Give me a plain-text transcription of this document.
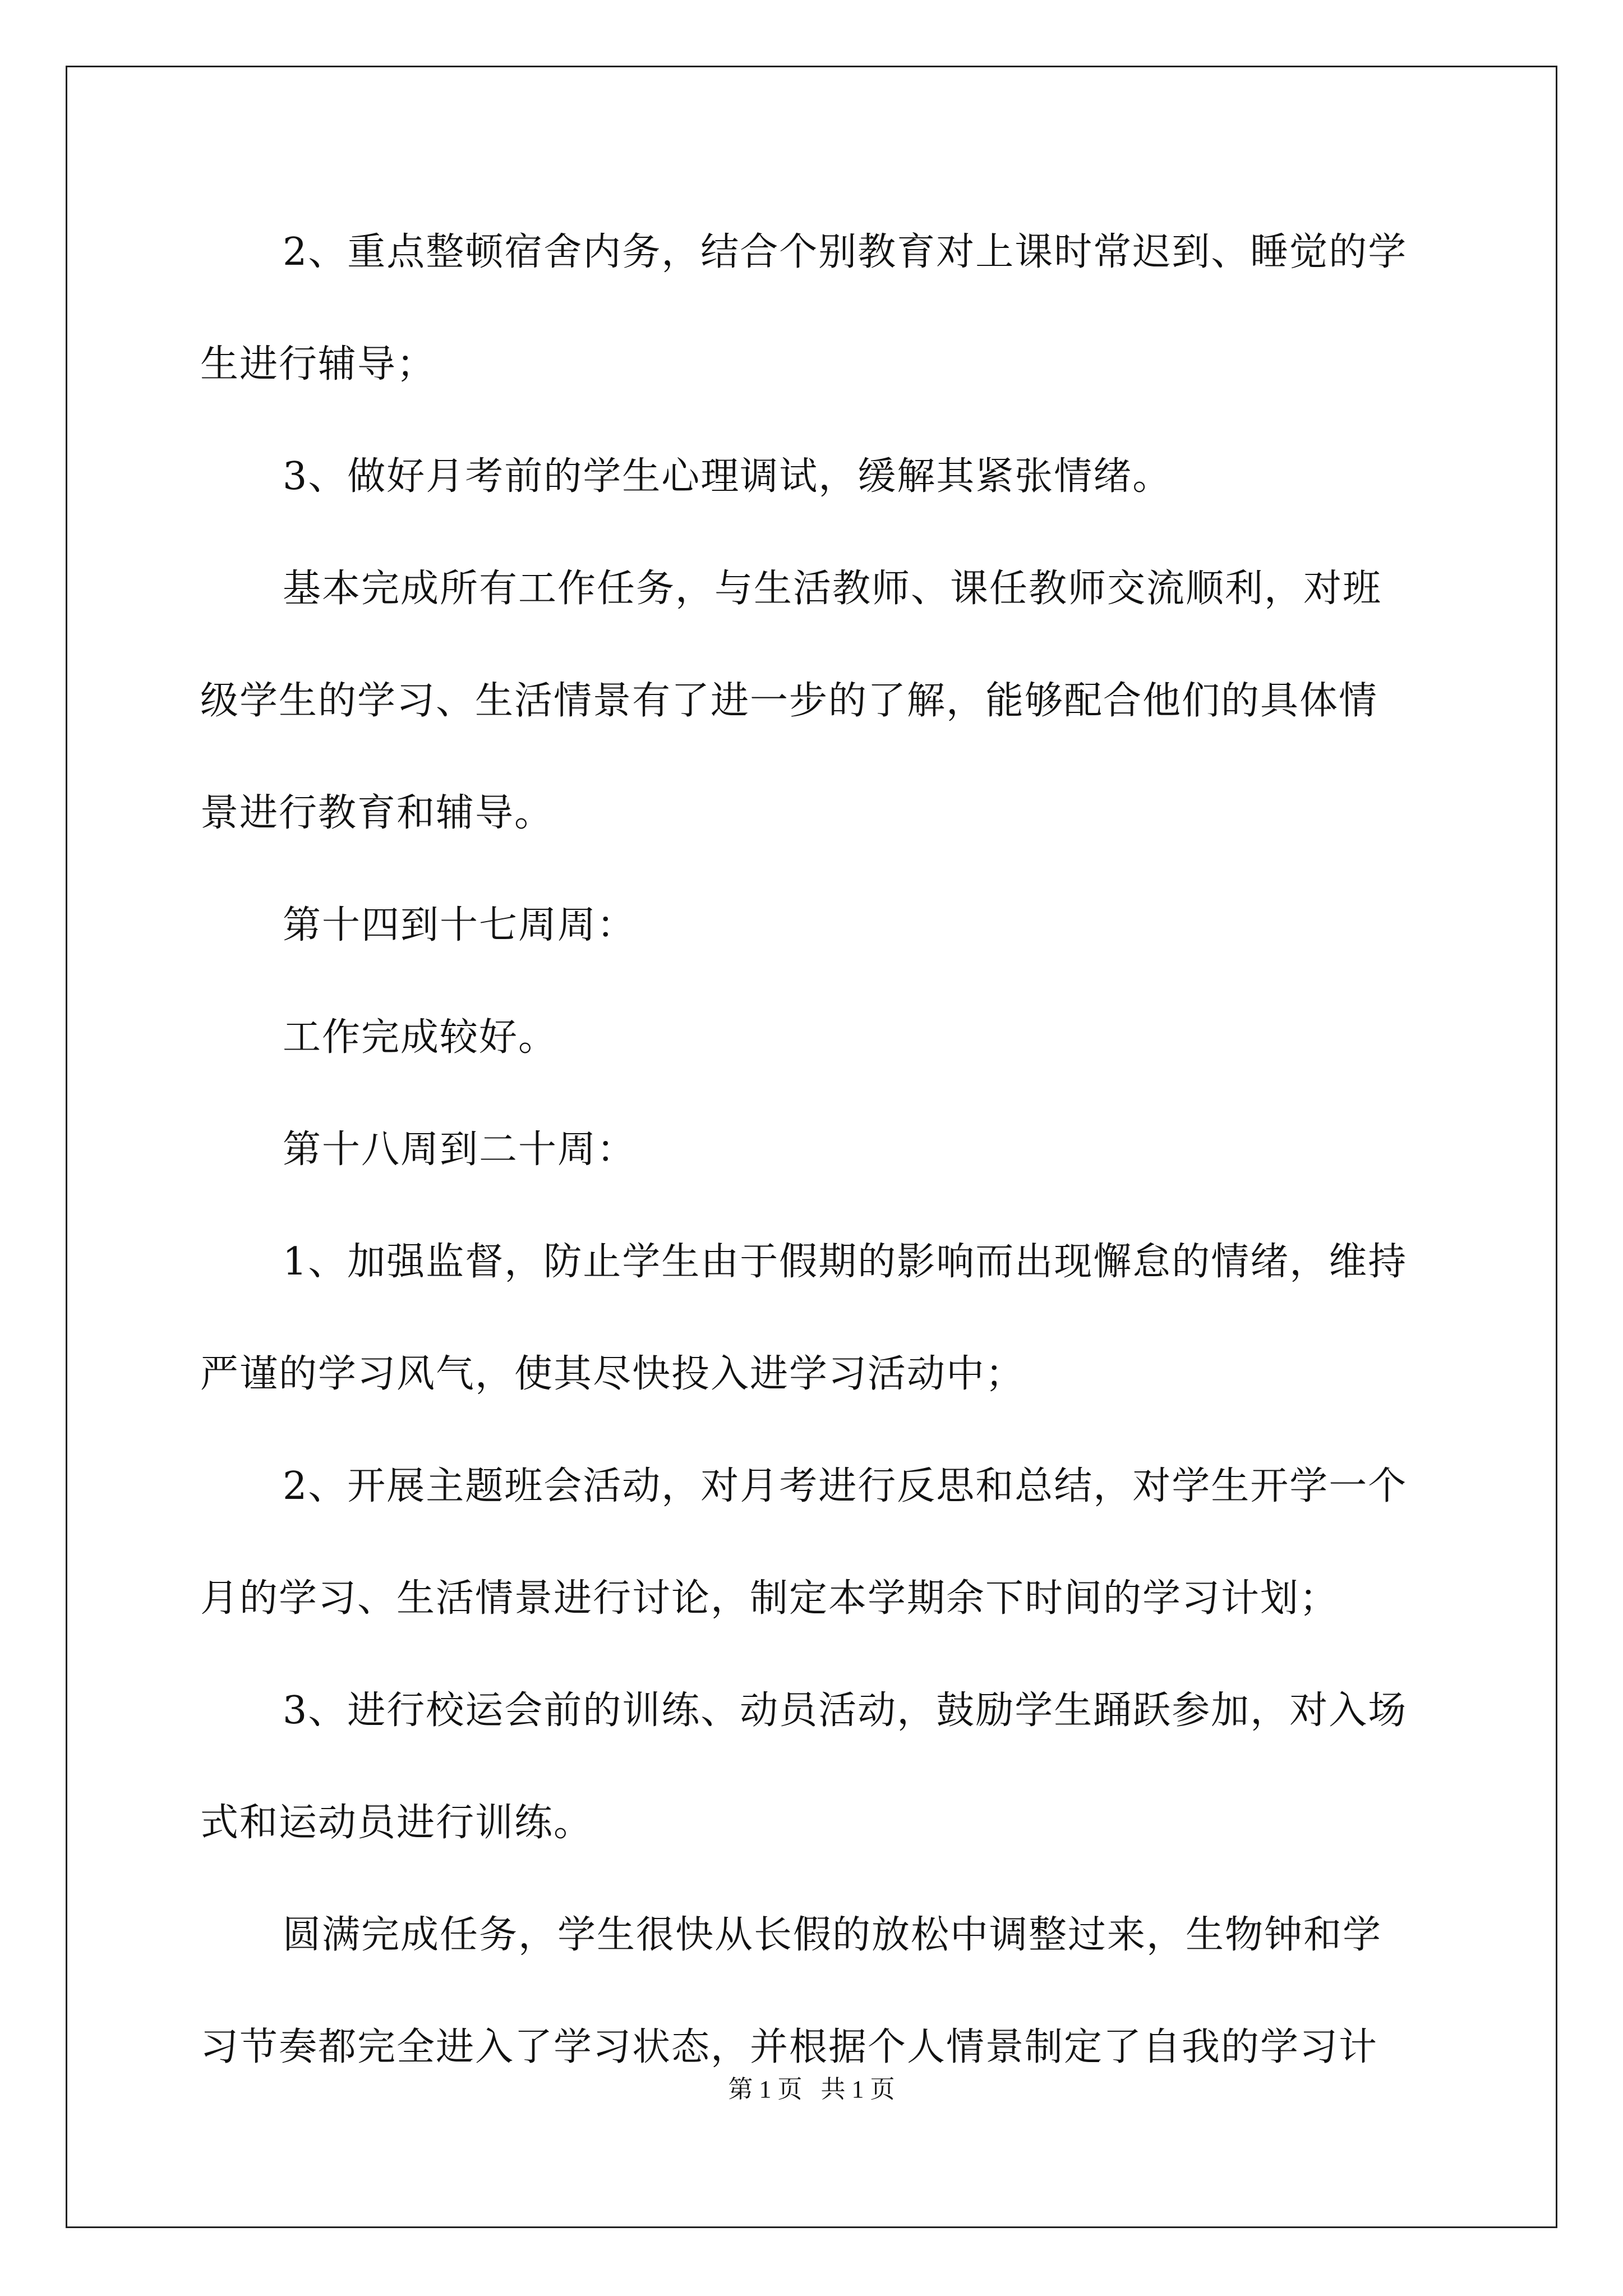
2、重点整顿宿舍内务，结合个别教育对上课时常迟到、睡觉的学
生进行辅导；
3、做好月考前的学生心理调试，缓解其紧张情绪。
基本完成所有工作任务，与生活教师、课任教师交流顺利，对班
级学生的学习、生活情景有了进一步的了解，能够配合他们的具体情
景进行教育和辅导。
第十四到十七周周：
工作完成较好。
第十八周到二十周：
1、加强监督，防止学生由于假期的影响而出现懈怠的情绪，维持
严谨的学习风气，使其尽快投入进学习活动中；
2、开展主题班会活动，对月考进行反思和总结，对学生开学一个
月的学习、生活情景进行讨论，制定本学期余下时间的学习计划；
3、进行校运会前的训练、动员活动，鼓励学生踊跃参加，对入场
式和运动员进行训练。
圆满完成任务，学生很快从长假的放松中调整过来，生物钟和学
习节奏都完全进入了学习状态，并根据个人情景制定了自我的学习计
第 1 页   共 1 页
